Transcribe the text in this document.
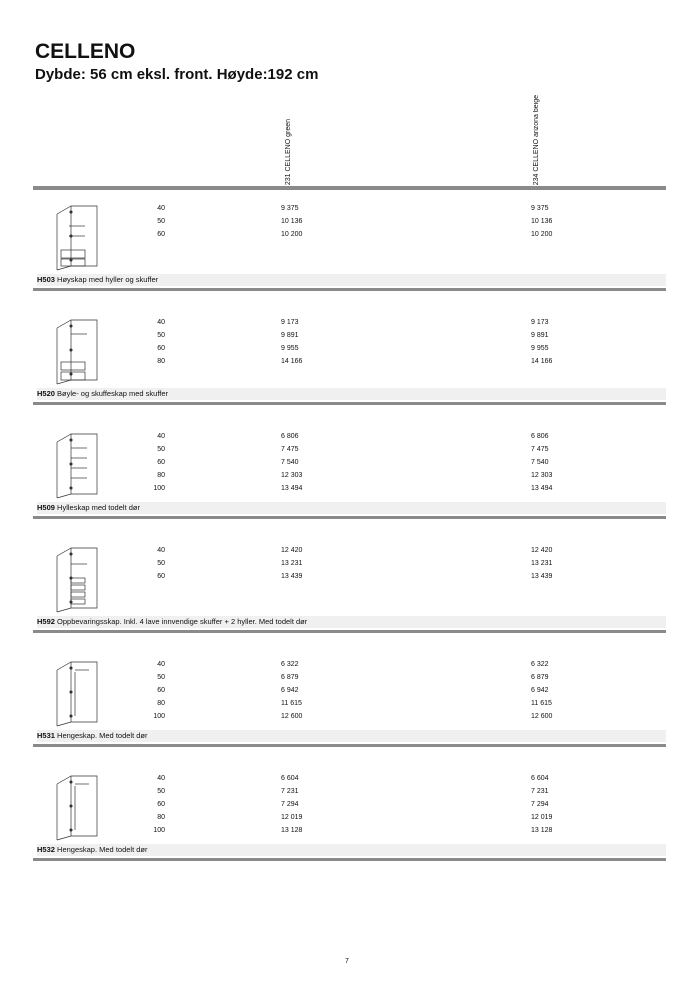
CELLENO
Dybde: 56 cm eksl. front. Høyde:192 cm
231 CELLENO green	234 CELLENO arizona beige
40	9 375	9 375
50	10 136	10 136
60	10 200	10 200
H503 Høyskap med hyller og skuffer
40	9 173	9 173
50	9 891	9 891
60	9 955	9 955
80	14 166	14 166
H520 Bøyle- og skuffeskap med skuffer
40	6 806	6 806
50	7 475	7 475
60	7 540	7 540
80	12 303	12 303
100	13 494	13 494
H509 Hylleskap med todelt dør
40	12 420	12 420
50	13 231	13 231
60	13 439	13 439
H592 Oppbevaringsskap. Inkl. 4 lave innvendige skuffer + 2 hyller. Med todelt dør
40	6 322	6 322
50	6 879	6 879
60	6 942	6 942
80	11 615	11 615
100	12 600	12 600
H531 Hengeskap. Med todelt dør
40	6 604	6 604
50	7 231	7 231
60	7 294	7 294
80	12 019	12 019
100	13 128	13 128
H532 Hengeskap. Med todelt dør
7
